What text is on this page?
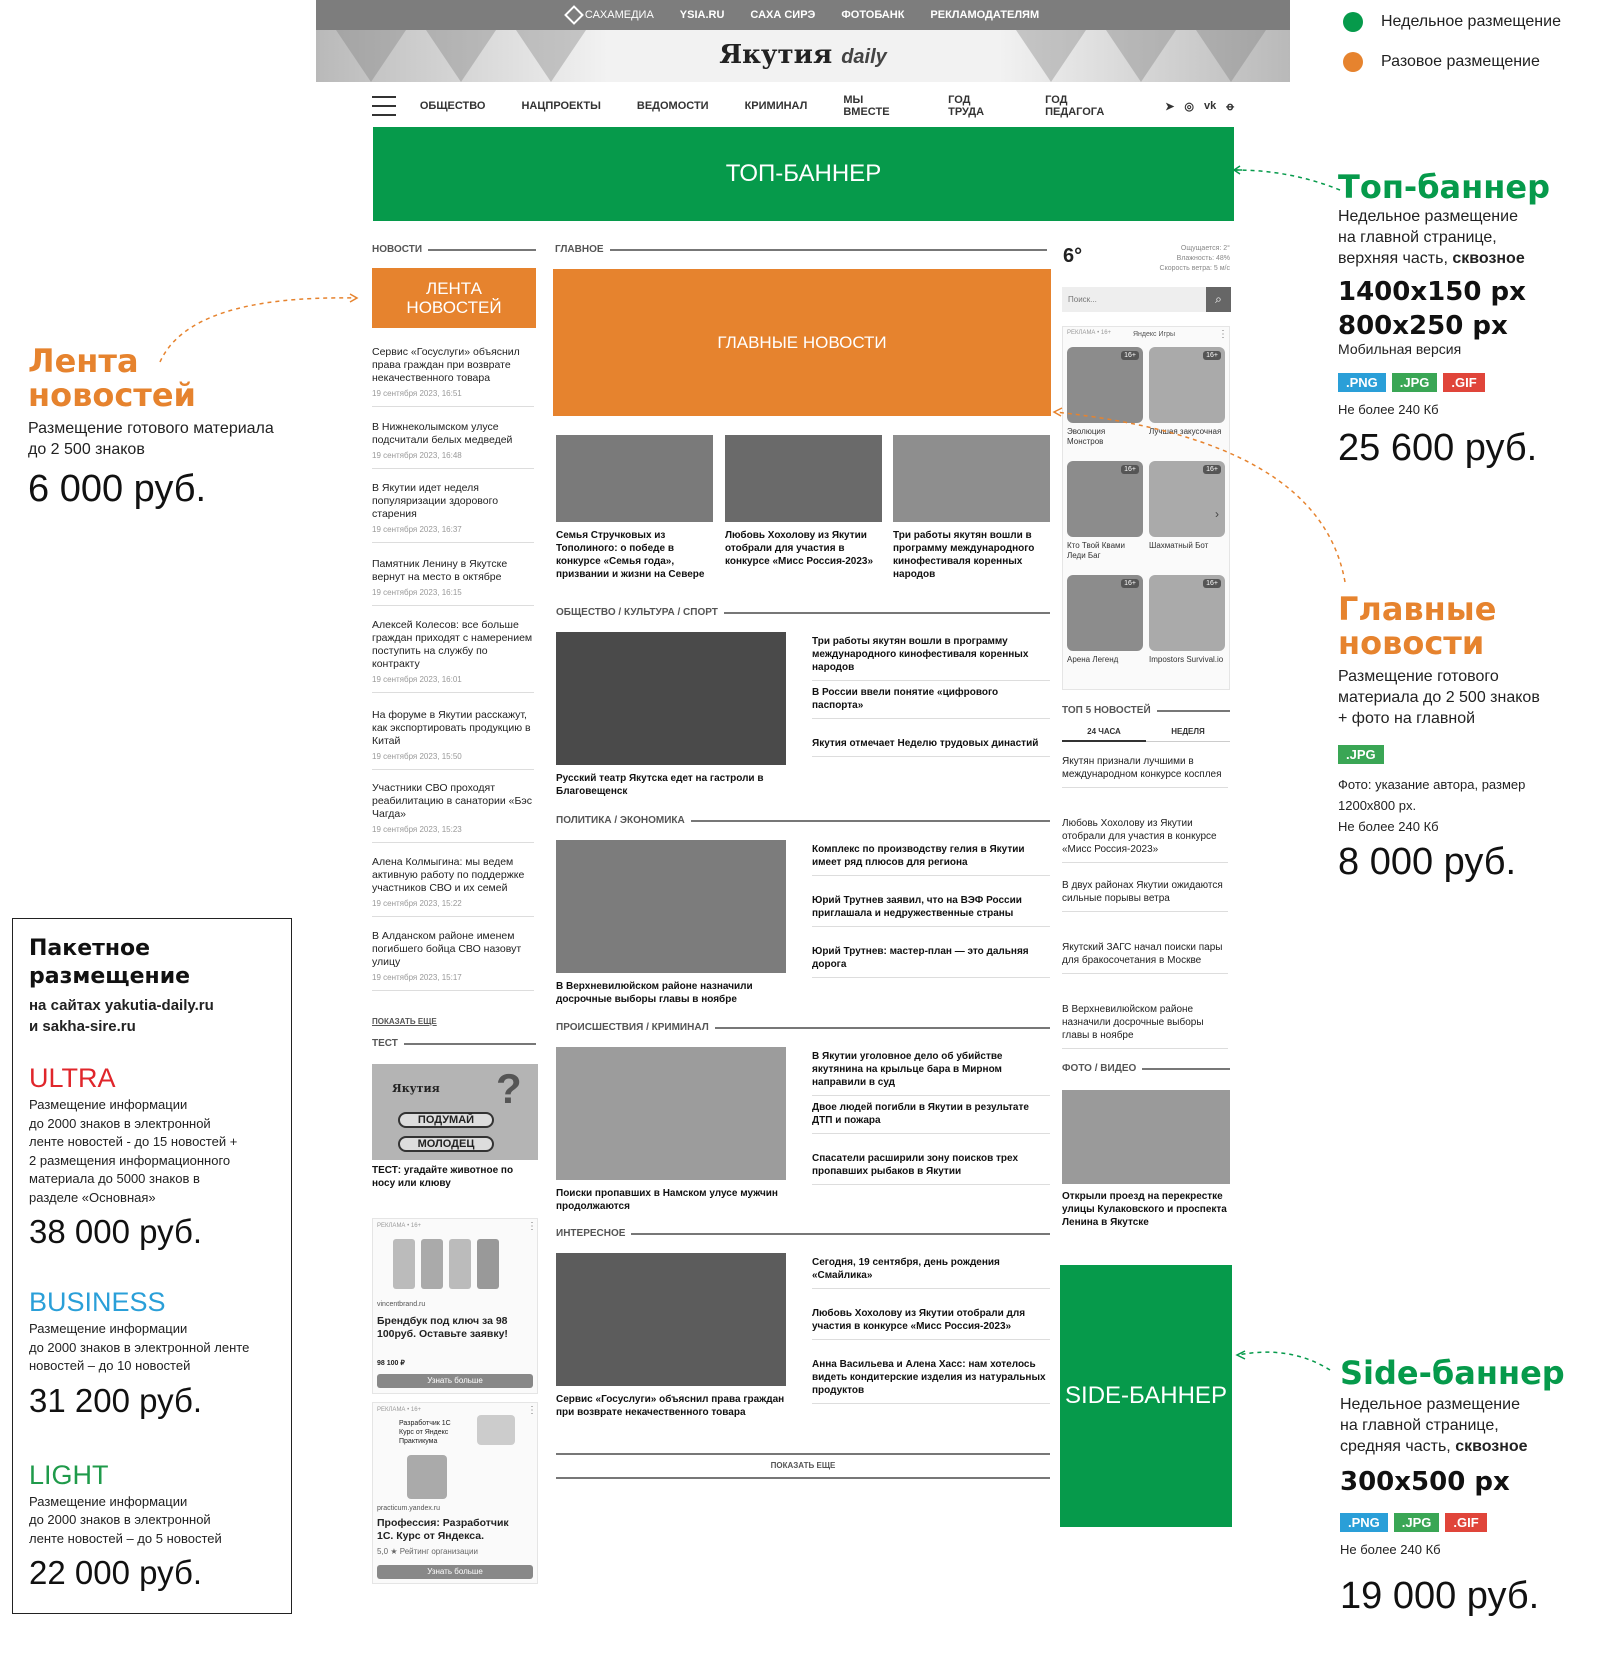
САХАМЕДИА YSIA.RU САХА СИРЭ ФОТОБАНК РЕКЛАМОДАТЕЛЯМ
Якутия daily
ОБЩЕСТВО	НАЦПРОЕКТЫ	ВЕДОМОСТИ	КРИМИНАЛ	МЫ ВМЕСТЕ
ГОД ТРУДА
ГОД ПЕДАГОГА	➤ ◎ vk ꝋ
ТОП-БАННЕР
НОВОСТИ
ЛЕНТА НОВОСТЕЙ
Сервис «Госуслуги» объяснил права граждан при возврате некачественного товара
19 сентября 2023, 16:51
В Нижнеколымском улусе подсчитали белых медведей
19 сентября 2023, 16:48
В Якутии идет неделя популяризации здорового старения
19 сентября 2023, 16:37
Памятник Ленину в Якутске вернут на место в октябре
19 сентября 2023, 16:15
Алексей Колесов: все больше граждан приходят с намерением поступить на службу по контракту
19 сентября 2023, 16:01
На форуме в Якутии расскажут, как экспортировать продукцию в Китай
19 сентября 2023, 15:50
Участники СВО проходят реабилитацию в санатории «Бэс Чагда»
19 сентября 2023, 15:23
Алена Колмыгина: мы ведем активную работу по поддержке участников СВО и их семей
19 сентября 2023, 15:22
В Алданском районе именем погибшего бойца СВО назовут улицу
19 сентября 2023, 15:17
ПОКАЗАТЬ ЕЩЕ
ТЕСТ
Якутия
ПОДУМАЙ
МОЛОДЕЦ
?
ТЕСТ: угадайте животное по носу или клюву
РЕКЛАМА • 16+	⋮
vincentbrand.ru
Брендбук под ключ за 98 100руб. Оставьте заявку!
98 100 ₽
Узнать больше
РЕКЛАМА • 16+	⋮
Разработчик 1С Курс от Яндекс Практикума
practicum.yandex.ru
Профессия: Разработчик 1С. Курс от Яндекса.
5,0 ★ Рейтинг организации
Узнать больше
ГЛАВНОЕ
ГЛАВНЫЕ НОВОСТИ
Семья Стручковых из Тополиного: о победе в конкурсе «Семья года», призвании и жизни на Севере
Любовь Хохолову из Якутии отобрали для участия в конкурсе «Мисс Россия-2023»
Три работы якутян вошли в программу международного кинофестиваля коренных народов
ОБЩЕСТВО / КУЛЬТУРА / СПОРТ
Русский театр Якутска едет на гастроли в Благовещенск
Три работы якутян вошли в программу международного кинофестиваля коренных народов
В России ввели понятие «цифрового паспорта»
Якутия отмечает Неделю трудовых династий
ПОЛИТИКА / ЭКОНОМИКА
В Верхневилюйском районе назначили досрочные выборы главы в ноябре
Комплекс по производству гелия в Якутии имеет ряд плюсов для региона
Юрий Трутнев заявил, что на ВЭФ России приглашала и недружественные страны
Юрий Трутнев: мастер-план — это дальняя дорога
ПРОИСШЕСТВИЯ / КРИМИНАЛ
Поиски пропавших в Намском улусе мужчин продолжаются
В Якутии уголовное дело об убийстве якутянина на крыльце бара в Мирном направили в суд
Двое людей погибли в Якутии в результате ДТП и пожара
Спасатели расширили зону поисков трех пропавших рыбаков в Якутии
ИНТЕРЕСНОЕ
Сервис «Госуслуги» объяснил права граждан при возврате некачественного товара
Сегодня, 19 сентября, день рождения «Смайлика»
Любовь Хохолову из Якутии отобрали для участия в конкурсе «Мисс Россия-2023»
Анна Васильева и Алена Хасс: нам хотелось видеть кондитерские изделия из натуральных продуктов
ПОКАЗАТЬ ЕЩЕ
6°	Ощущается: 2°
Влажность: 48%
Скорость ветра: 5 м/с
Поиск...	⌕
РЕКЛАМА • 16+	Яндекс Игры	⋮
16+
Эволюция Монстров
16+
Лучшая закусочная
16+
Кто Твой Квами Леди Баг
16+
Шахматный Бот
16+
Арена Легенд
16+
Impostors Survival.io
›
ТОП 5 НОВОСТЕЙ
24 ЧАСА	НЕДЕЛЯ
Якутян признали лучшими в международном конкурсе косплея
Любовь Хохолову из Якутии отобрали для участия в конкурсе «Мисс Россия-2023»
В двух районах Якутии ожидаются сильные порывы ветра
Якутский ЗАГС начал поиски пары для бракосочетания в Москве
В Верхневилюйском районе назначили досрочные выборы главы в ноябре
ФОТО / ВИДЕО
Открыли проезд на перекрестке улицы Кулаковского и проспекта Ленина в Якутске
SIDE-БАННЕР
Недельное размещение
Разовое размещение
Топ-баннер
Недельное размещение
на главной странице,
верхняя часть, сквозное
1400x150 px
800x250 px
Мобильная версия
.PNG .JPG .GIF
Не более 240 Кб
25 600 руб.
Лента
новостей
Размещение готового материала
до 2 500 знаков
6 000 руб.
Главные
новости
Размещение готового
материала до 2 500 знаков
+ фото на главной
.JPG
Фото: указание автора, размер
1200х800 px.
Не более 240 Кб
8 000 руб.
Side-баннер
Недельное размещение
на главной странице,
средняя часть, сквозное
300x500 px
.PNG .JPG .GIF
Не более 240 Кб
19 000 руб.
Пакетное
размещение
на сайтах yakutia-daily.ru
и sakha-sire.ru
ULTRA
Размещение информации
до 2000 знаков в электронной
ленте новостей - до 15 новостей +
2 размещения информационного
материала до 5000 знаков в
разделе «Основная»
38 000 руб.
BUSINESS
Размещение информации
до 2000 знаков в электронной ленте
новостей – до 10 новостей
31 200 руб.
LIGHT
Размещение информации
до 2000 знаков в электронной
ленте новостей – до 5 новостей
22 000 руб.
